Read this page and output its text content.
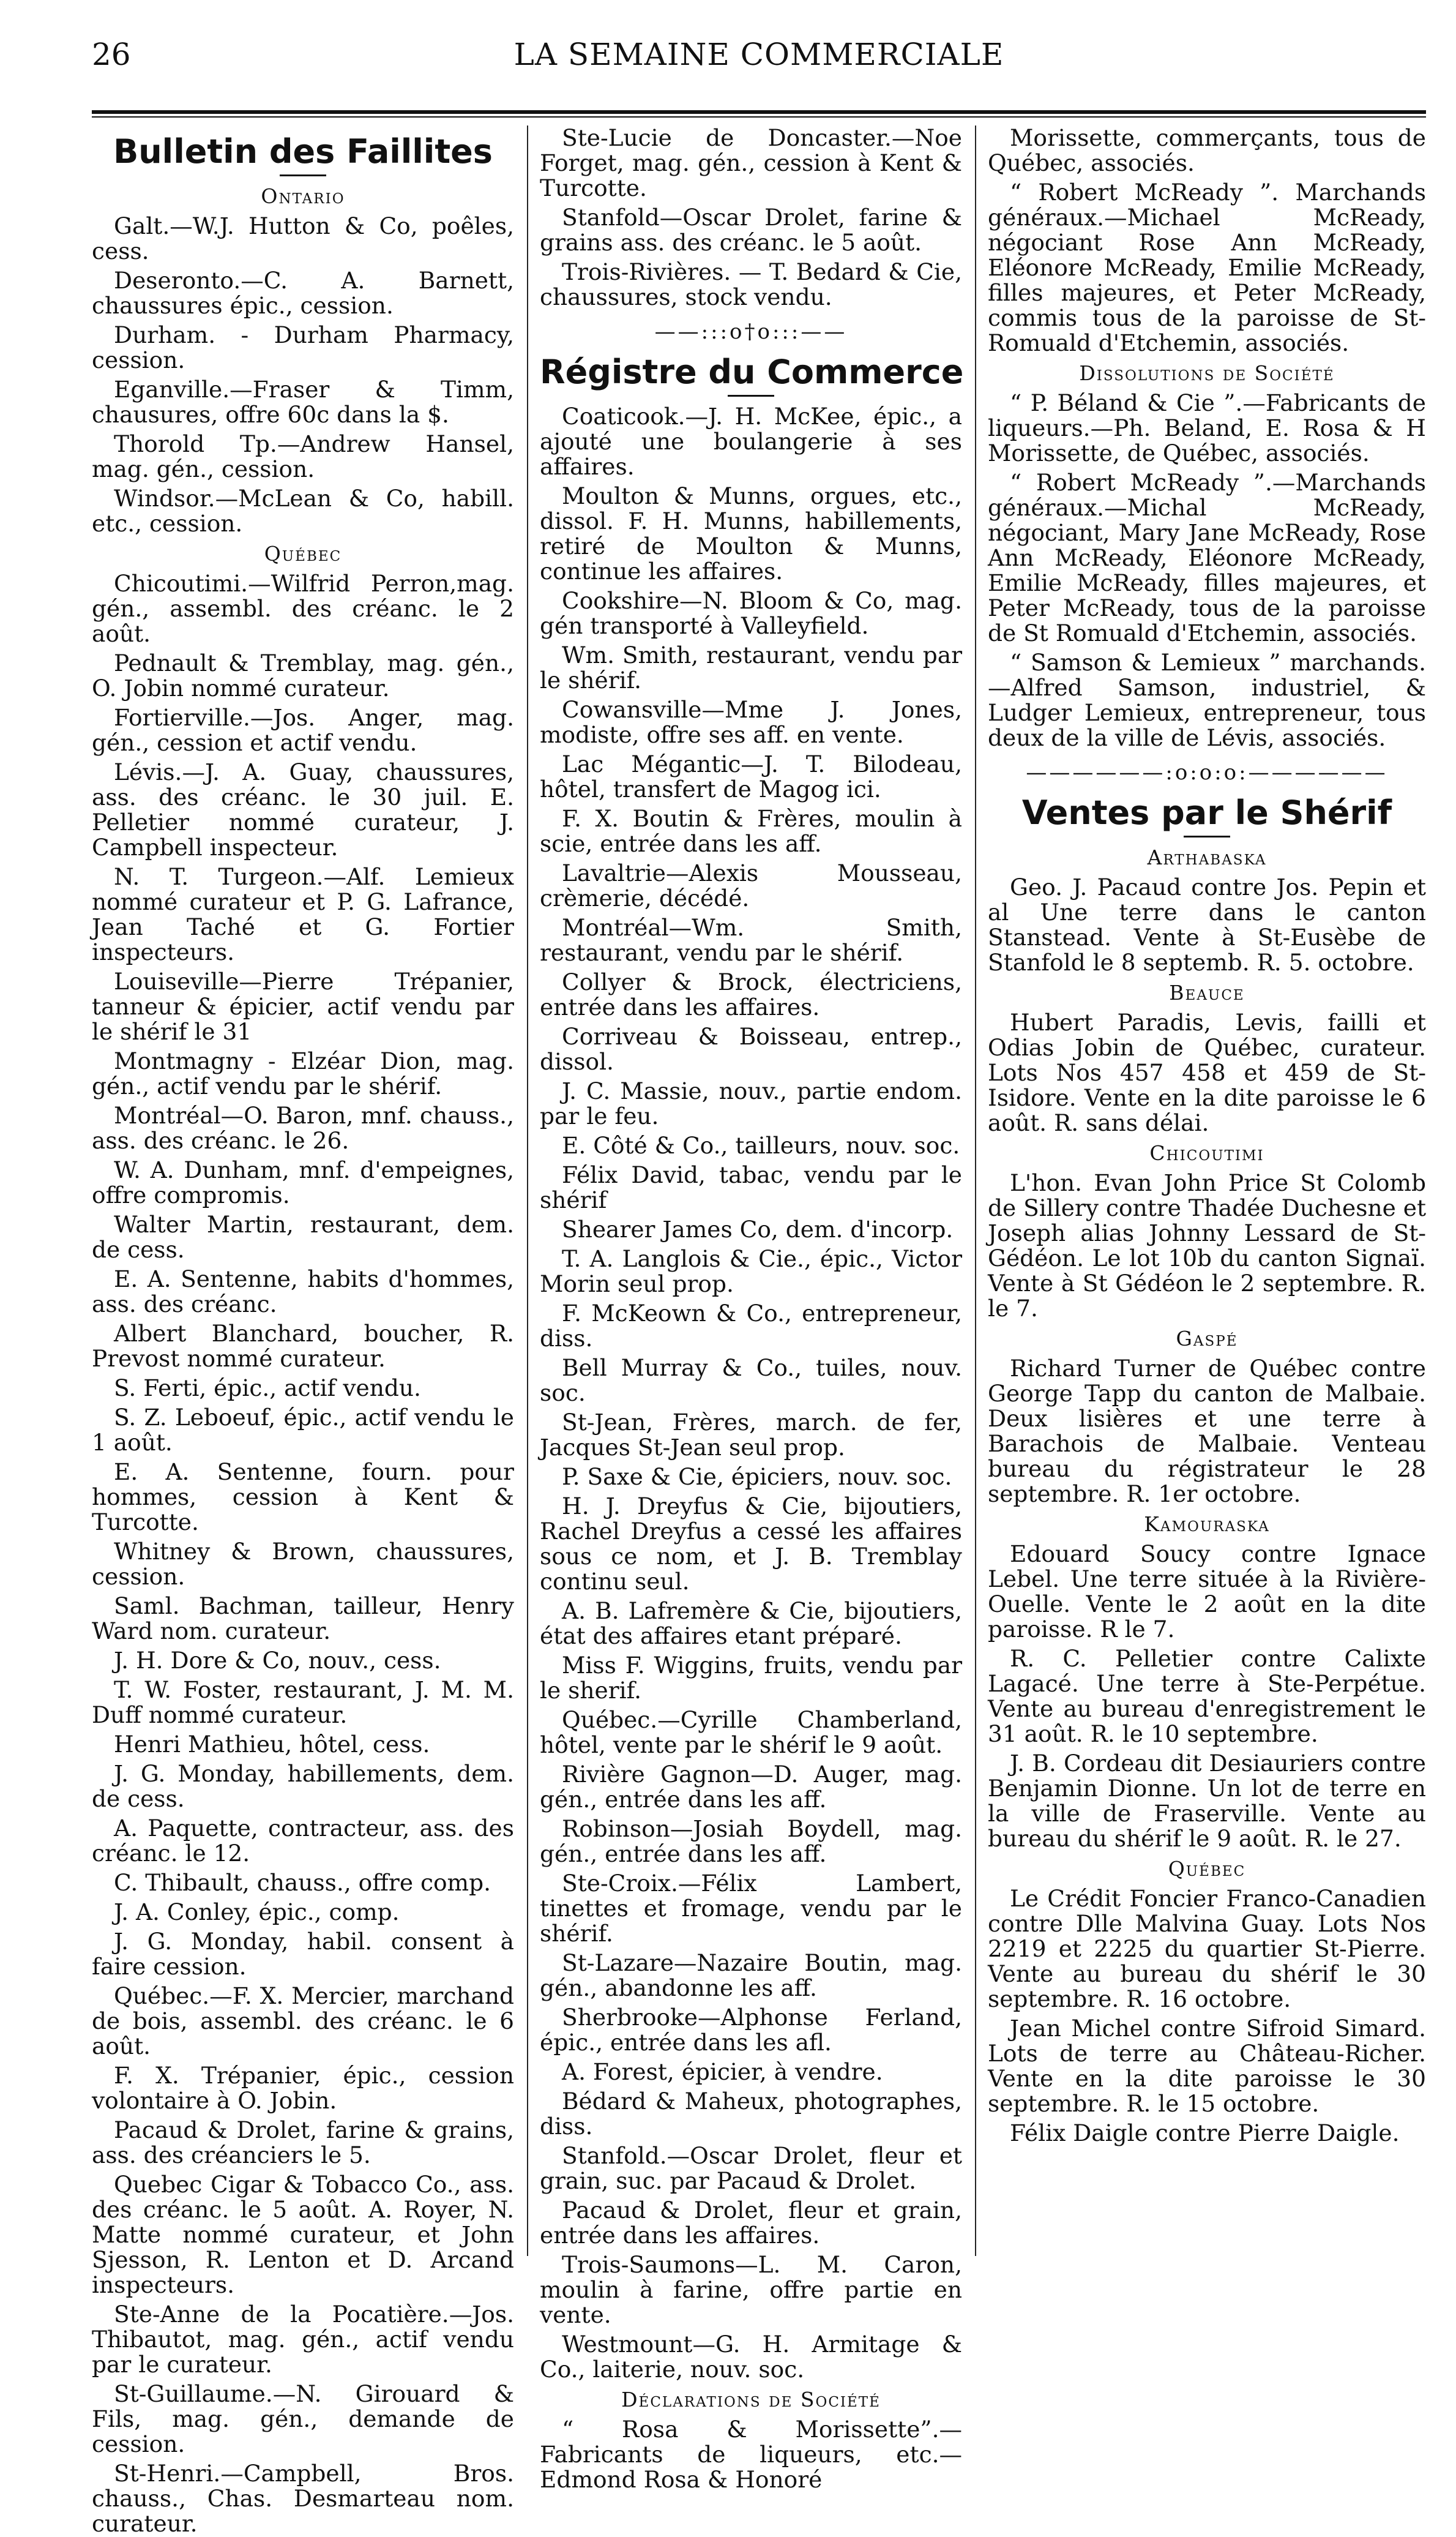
26	LA SEMAINE COMMERCIALE
Bulletin des Faillites
Ontario

Galt.—W.J. Hutton & Co, poêles, cess.

Deseronto.—C. A. Barnett, chaussures épic., cession.

Durham. - Durham Pharmacy, cession.

Eganville.—Fraser & Timm, chausures, offre 60c dans la $.

Thorold Tp.—Andrew Hansel, mag. gén., cession.

Windsor.—McLean & Co, habill. etc., cession.

Québec

Chicoutimi.—Wilfrid Perron,mag. gén., assembl. des créanc. le 2 août.

Pednault & Tremblay, mag. gén., O. Jobin nommé curateur.

Fortierville.—Jos. Anger, mag. gén., cession et actif vendu.

Lévis.—J. A. Guay, chaussures, ass. des créanc. le 30 juil. E. Pelletier nommé curateur, J. Campbell inspecteur.

N. T. Turgeon.—Alf. Lemieux nommé curateur et P. G. Lafrance, Jean Taché et G. Fortier inspecteurs.

Louiseville—Pierre Trépanier, tanneur & épicier, actif vendu par le shérif le 31

Montmagny - Elzéar Dion, mag. gén., actif vendu par le shérif.

Montréal—O. Baron, mnf. chauss., ass. des créanc. le 26.

W. A. Dunham, mnf. d'empeignes, offre compromis.

Walter Martin, restaurant, dem. de cess.

E. A. Sentenne, habits d'hommes, ass. des créanc.

Albert Blanchard, boucher, R. Prevost nommé curateur.

S. Ferti, épic., actif vendu.

S. Z. Leboeuf, épic., actif vendu le 1 août.

E. A. Sentenne, fourn. pour hommes, cession à Kent & Turcotte.

Whitney & Brown, chaussures, cession.

Saml. Bachman, tailleur, Henry Ward nom. curateur.

J. H. Dore & Co, nouv., cess.

T. W. Foster, restaurant, J. M. M. Duff nommé curateur.

Henri Mathieu, hôtel, cess.

J. G. Monday, habillements, dem. de cess.

A. Paquette, contracteur, ass. des créanc. le 12.

C. Thibault, chauss., offre comp.

J. A. Conley, épic., comp.

J. G. Monday, habil. consent à faire cession.

Québec.—F. X. Mercier, marchand de bois, assembl. des créanc. le 6 août.

F. X. Trépanier, épic., cession volontaire à O. Jobin.

Pacaud & Drolet, farine & grains, ass. des créanciers le 5.

Quebec Cigar & Tobacco Co., ass. des créanc. le 5 août. A. Royer, N. Matte nommé curateur, et John Sjesson, R. Lenton et D. Arcand inspecteurs.

Ste-Anne de la Pocatière.—Jos. Thibautot, mag. gén., actif vendu par le curateur.

St-Guillaume.—N. Girouard & Fils, mag. gén., demande de cession.

St-Henri.—Campbell, Bros. chauss., Chas. Desmarteau nom. curateur.

Ste-Lucie de Doncaster.—Noe Forget, mag. gén., cession à Kent & Turcotte.

Stanfold—Oscar Drolet, farine & grains ass. des créanc. le 5 août.

Trois-Rivières. — T. Bedard & Cie, chaussures, stock vendu.

——:::o†o:::——
Régistre du Commerce

Coaticook.—J. H. McKee, épic., a ajouté une boulangerie à ses affaires.

Moulton & Munns, orgues, etc., dissol. F. H. Munns, habillements, retiré de Moulton & Munns, continue les affaires.

Cookshire—N. Bloom & Co, mag. gén transporté à Valleyfield.

Wm. Smith, restaurant, vendu par le shérif.

Cowansville—Mme J. Jones, modiste, offre ses aff. en vente.

Lac Mégantic—J. T. Bilodeau, hôtel, transfert de Magog ici.

F. X. Boutin & Frères, moulin à scie, entrée dans les aff.

Lavaltrie—Alexis Mousseau, crèmerie, décédé.

Montréal—Wm. Smith, restaurant, vendu par le shérif.

Collyer & Brock, électriciens, entrée dans les affaires.

Corriveau & Boisseau, entrep., dissol.

J. C. Massie, nouv., partie endom. par le feu.

E. Côté & Co., tailleurs, nouv. soc.

Félix David, tabac, vendu par le shérif

Shearer James Co, dem. d'incorp.

T. A. Langlois & Cie., épic., Victor Morin seul prop.

F. McKeown & Co., entrepreneur, diss.

Bell Murray & Co., tuiles, nouv. soc.

St-Jean, Frères, march. de fer, Jacques St-Jean seul prop.

P. Saxe & Cie, épiciers, nouv. soc.

H. J. Dreyfus & Cie, bijoutiers, Rachel Dreyfus a cessé les affaires sous ce nom, et J. B. Tremblay continu seul.

A. B. Lafremère & Cie, bijoutiers, état des affaires etant préparé.

Miss F. Wiggins, fruits, vendu par le sherif.

Québec.—Cyrille Chamberland, hôtel, vente par le shérif le 9 août.

Rivière Gagnon—D. Auger, mag. gén., entrée dans les aff.

Robinson—Josiah Boydell, mag. gén., entrée dans les aff.

Ste-Croix.—Félix Lambert, tinettes et fromage, vendu par le shérif.

St-Lazare—Nazaire Boutin, mag. gén., abandonne les aff.

Sherbrooke—Alphonse Ferland, épic., entrée dans les afl.

A. Forest, épicier, à vendre.

Bédard & Maheux, photographes, diss.

Stanfold.—Oscar Drolet, fleur et grain, suc. par Pacaud & Drolet.

Pacaud & Drolet, fleur et grain, entrée dans les affaires.

Trois-Saumons—L. M. Caron, moulin à farine, offre partie en vente.

Westmount—G. H. Armitage & Co., laiterie, nouv. soc.

Déclarations de Société

“ Rosa & Morissette”.—Fabricants de liqueurs, etc.—Edmond Rosa & Honoré

Morissette, commerçants, tous de Québec, associés.

“ Robert McReady ”. Marchands généraux.—Michael McReady, négociant Rose Ann McReady, Eléonore McReady, Emilie McReady, filles majeures, et Peter McReady, commis tous de la paroisse de St-Romuald d'Etchemin, associés.

Dissolutions de Société

“ P. Béland & Cie ”.—Fabricants de liqueurs.—Ph. Beland, E. Rosa & H Morissette, de Québec, associés.

“ Robert McReady ”.—Marchands généraux.—Michal McReady, négociant, Mary Jane McReady, Rose Ann McReady, Eléonore McReady, Emilie McReady, filles majeures, et Peter McReady, tous de la paroisse de St Romuald d'Etchemin, associés.

“ Samson & Lemieux ” marchands.—Alfred Samson, industriel, & Ludger Lemieux, entrepreneur, tous deux de la ville de Lévis, associés.

——————:o:o:o:——————
Ventes par le Shérif
Arthabaska

Geo. J. Pacaud contre Jos. Pepin et al Une terre dans le canton Stanstead. Vente à St-Eusèbe de Stanfold le 8 septemb. R. 5. octobre.

Beauce

Hubert Paradis, Levis, failli et Odias Jobin de Québec, curateur. Lots Nos 457 458 et 459 de St-Isidore. Vente en la dite paroisse le 6 août. R. sans délai.

Chicoutimi

L'hon. Evan John Price St Colomb de Sillery contre Thadée Duchesne et Joseph alias Johnny Lessard de St-Gédéon. Le lot 10b du canton Signaï. Vente à St Gédéon le 2 septembre. R. le 7.

Gaspé

Richard Turner de Québec contre George Tapp du canton de Malbaie. Deux lisières et une terre à Barachois de Malbaie. Venteau bureau du régistrateur le 28 septembre. R. 1er octobre.

Kamouraska

Edouard Soucy contre Ignace Lebel. Une terre située à la Rivière-Ouelle. Vente le 2 août en la dite paroisse. R le 7.

R. C. Pelletier contre Calixte Lagacé. Une terre à Ste-Perpétue. Vente au bureau d'enregistrement le 31 août. R. le 10 septembre.

J. B. Cordeau dit Desiauriers contre Benjamin Dionne. Un lot de terre en la ville de Fraserville. Vente au bureau du shérif le 9 août. R. le 27.

Québec

Le Crédit Foncier Franco-Canadien contre Dlle Malvina Guay. Lots Nos 2219 et 2225 du quartier St-Pierre. Vente au bureau du shérif le 30 septembre. R. 16 octobre.

Jean Michel contre Sifroid Simard. Lots de terre au Château-Richer. Vente en la dite paroisse le 30 septembre. R. le 15 octobre.

Félix Daigle contre Pierre Daigle.
